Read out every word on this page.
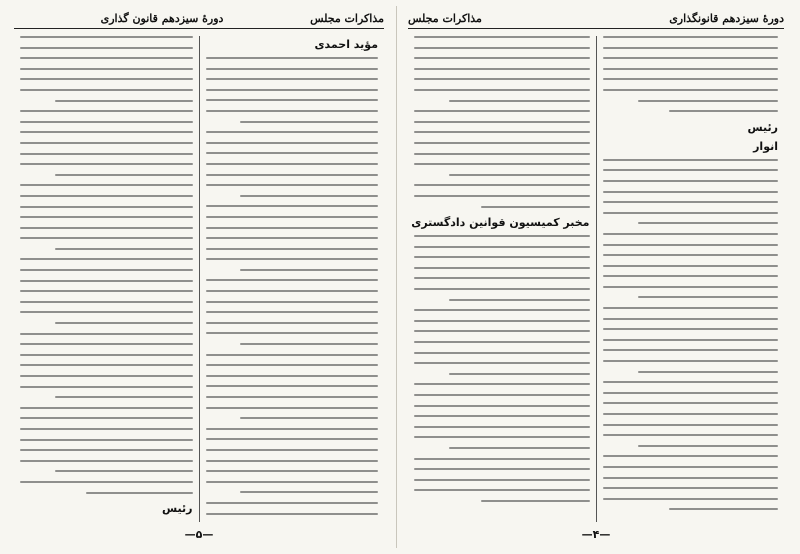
مذاکرات مجلس
دورهٔ سیزدهم قانون گذاری
مؤید احمدی
رئیس
—۵—
دورهٔ سیزدهم قانونگذاری
مذاکرات مجلس
رئیس
انوار
مخبر کمیسیون قوانین دادگستری
—۴—
